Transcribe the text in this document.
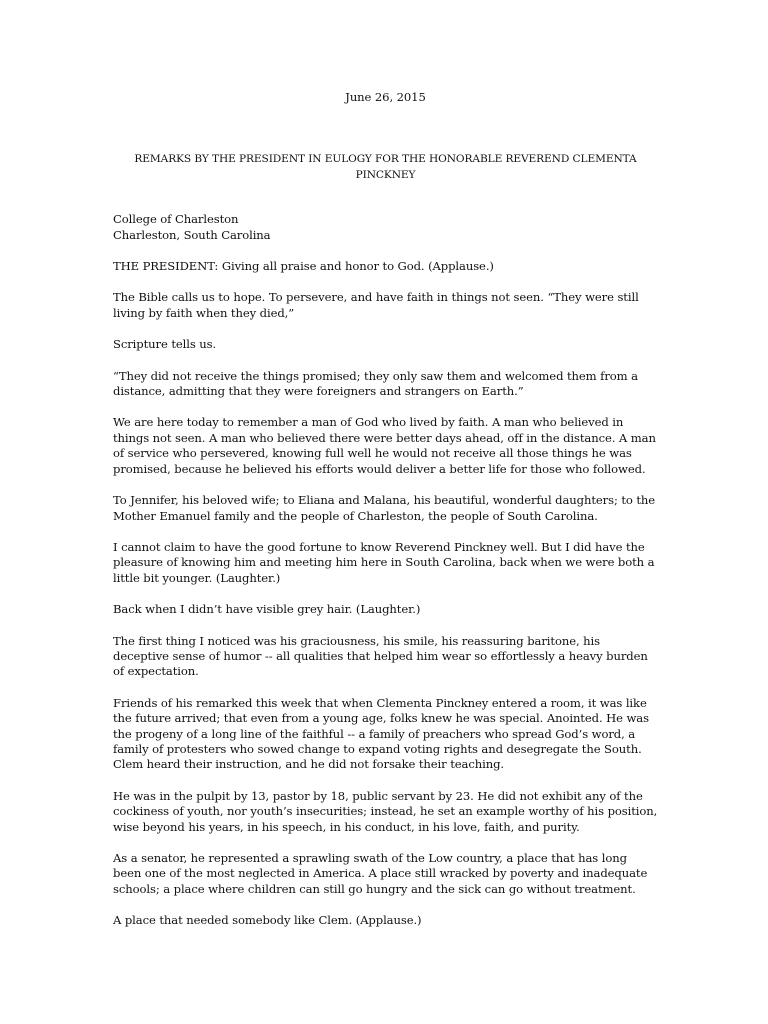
June 26, 2015
REMARKS BY THE PRESIDENT IN EULOGY FOR THE HONORABLE REVEREND CLEMENTA PINCKNEY
College of Charleston
Charleston, South Carolina

THE PRESIDENT: Giving all praise and honor to God. (Applause.)

The Bible calls us to hope. To persevere, and have faith in things not seen. “They were still living by faith when they died,”

Scripture tells us.

“They did not receive the things promised; they only saw them and welcomed them from a distance, admitting that they were foreigners and strangers on Earth.”

We are here today to remember a man of God who lived by faith. A man who believed in things not seen. A man who believed there were better days ahead, off in the distance. A man of service who persevered, knowing full well he would not receive all those things he was promised, because he believed his efforts would deliver a better life for those who followed.

To Jennifer, his beloved wife; to Eliana and Malana, his beautiful, wonderful daughters; to the Mother Emanuel family and the people of Charleston, the people of South Carolina.

I cannot claim to have the good fortune to know Reverend Pinckney well. But I did have the pleasure of knowing him and meeting him here in South Carolina, back when we were both a little bit younger. (Laughter.)

Back when I didn’t have visible grey hair. (Laughter.)

The first thing I noticed was his graciousness, his smile, his reassuring baritone, his deceptive sense of humor -- all qualities that helped him wear so effortlessly a heavy burden of expectation.

Friends of his remarked this week that when Clementa Pinckney entered a room, it was like the future arrived; that even from a young age, folks knew he was special. Anointed. He was the progeny of a long line of the faithful -- a family of preachers who spread God’s word, a family of protesters who sowed change to expand voting rights and desegregate the South. Clem heard their instruction, and he did not forsake their teaching.

He was in the pulpit by 13, pastor by 18, public servant by 23. He did not exhibit any of the cockiness of youth, nor youth’s insecurities; instead, he set an example worthy of his position, wise beyond his years, in his speech, in his conduct, in his love, faith, and purity.

As a senator, he represented a sprawling swath of the Low country, a place that has long been one of the most neglected in America. A place still wracked by poverty and inadequate schools; a place where children can still go hungry and the sick can go without treatment.

A place that needed somebody like Clem. (Applause.)
